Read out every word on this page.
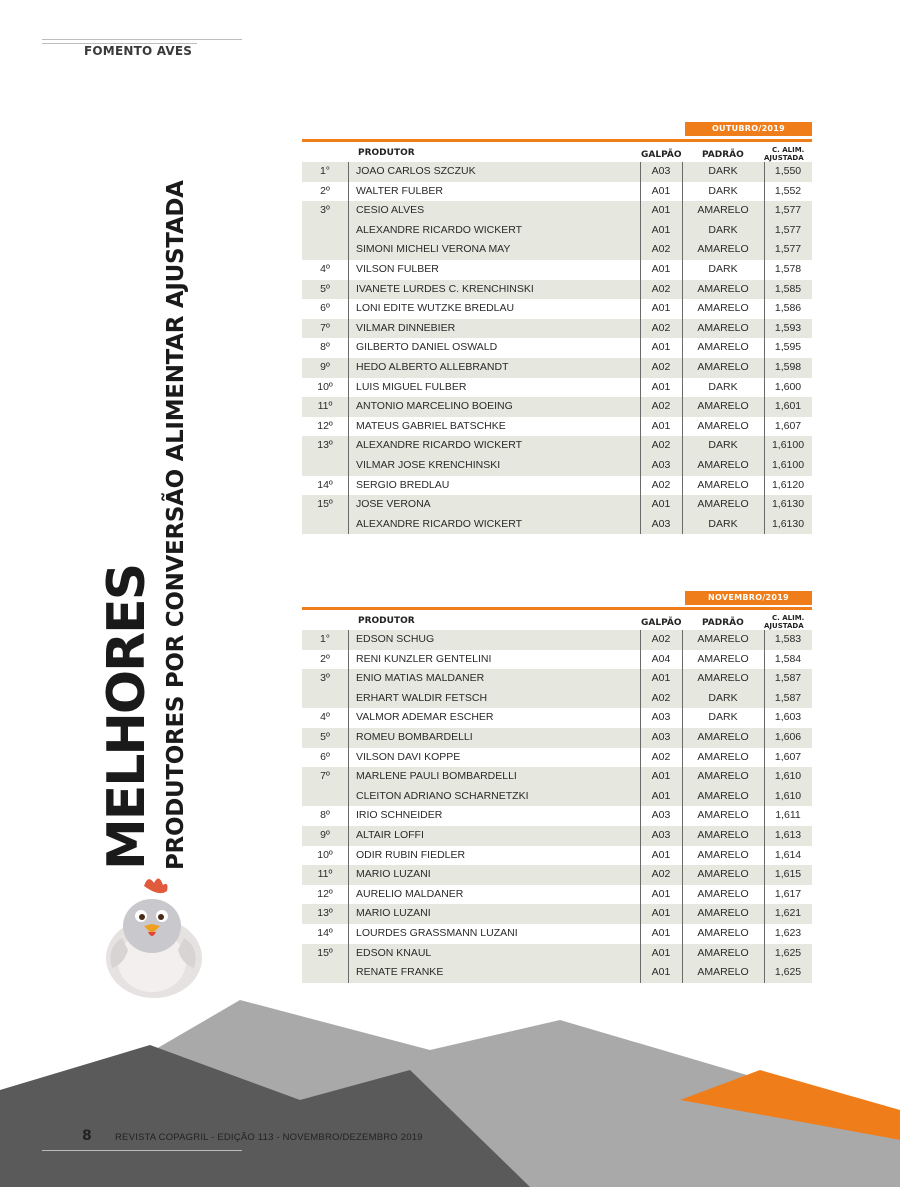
FOMENTO AVES
MELHORES PRODUTORES POR CONVERSÃO ALIMENTAR AJUSTADA
OUTUBRO/2019
PRODUTOR	GALPÃO PADRÃO	C. ALIM.
AJUSTADA
1°	JOAO CARLOS SZCZUK	A03	DARK	1,550
2º	WALTER FULBER	A01	DARK	1,552
3º	CESIO ALVES	A01	AMARELO	1,577
ALEXANDRE RICARDO WICKERT	A01	DARK	1,577
SIMONI MICHELI VERONA MAY	A02	AMARELO	1,577
4º	VILSON FULBER	A01	DARK	1,578
5º	IVANETE LURDES C. KRENCHINSKI	A02	AMARELO	1,585
6º	LONI EDITE WUTZKE BREDLAU	A01	AMARELO	1,586
7º	VILMAR DINNEBIER	A02	AMARELO	1,593
8º	GILBERTO DANIEL OSWALD	A01	AMARELO	1,595
9º	HEDO ALBERTO ALLEBRANDT	A02	AMARELO	1,598
10º	LUIS MIGUEL FULBER	A01	DARK	1,600
11º	ANTONIO MARCELINO BOEING	A02	AMARELO	1,601
12º	MATEUS GABRIEL BATSCHKE	A01	AMARELO	1,607
13º	ALEXANDRE RICARDO WICKERT	A02	DARK	1,6100
VILMAR JOSE KRENCHINSKI	A03	AMARELO	1,6100
14º	SERGIO BREDLAU	A02	AMARELO	1,6120
15º	JOSE VERONA	A01	AMARELO	1,6130
ALEXANDRE RICARDO WICKERT	A03	DARK	1,6130
NOVEMBRO/2019
PRODUTOR	GALPÃO PADRÃO	C. ALIM.
AJUSTADA
1°	EDSON SCHUG	A02	AMARELO	1,583
2º	RENI KUNZLER GENTELINI	A04	AMARELO	1,584
3º	ENIO MATIAS MALDANER	A01	AMARELO	1,587
ERHART WALDIR FETSCH	A02	DARK	1,587
4º	VALMOR ADEMAR ESCHER	A03	DARK	1,603
5º	ROMEU BOMBARDELLI	A03	AMARELO	1,606
6º	VILSON DAVI KOPPE	A02	AMARELO	1,607
7º	MARLENE PAULI BOMBARDELLI	A01	AMARELO	1,610
CLEITON ADRIANO SCHARNETZKI	A01	AMARELO	1,610
8º	IRIO SCHNEIDER	A03	AMARELO	1,611
9º	ALTAIR LOFFI	A03	AMARELO	1,613
10º	ODIR RUBIN FIEDLER	A01	AMARELO	1,614
11º	MARIO LUZANI	A02	AMARELO	1,615
12º	AURELIO MALDANER	A01	AMARELO	1,617
13º	MARIO LUZANI	A01	AMARELO	1,621
14º	LOURDES GRASSMANN LUZANI	A01	AMARELO	1,623
15º	EDSON KNAUL	A01	AMARELO	1,625
RENATE FRANKE	A01	AMARELO	1,625
8 REVISTA COPAGRIL - EDIÇÃO 113 - NOVEMBRO/DEZEMBRO 2019
